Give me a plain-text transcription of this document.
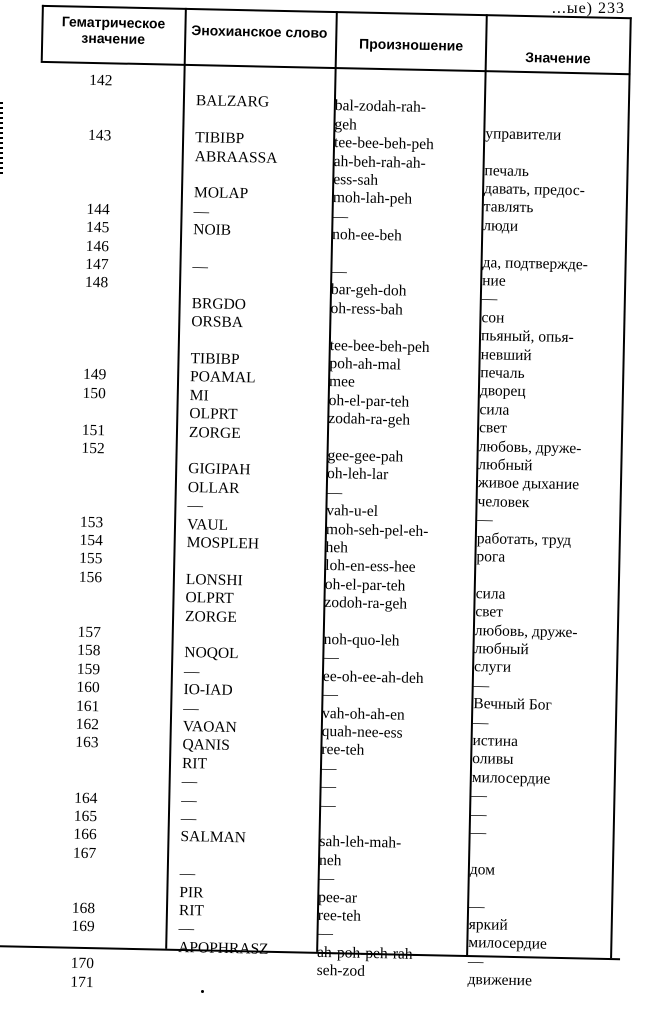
...ые) 233
Гематрическое значение	Энохианское слово
Произношение
Значение
142
143
144
145
146
147
148
149
150
151
152
153
154
155
156
157
158
159
160
161
162
163
164
165
166
167
168
169
170
171
BALZARG
TIBIBP
ABRAASSA
MOLAP
—
NOIB
—
BRGDO
ORSBA
TIBIBP
POAMAL
MI
OLPRT
ZORGE
GIGIPAH
OLLAR
—
VAUL
MOSPLEH
LONSHI
OLPRT
ZORGE
NOQOL
—
IO-IAD
—
VAOAN
QANIS
RIT
—
—
—
SALMAN
—
PIR
RIT
—
APOPHRASZ
bal-zodah-rah-
geh
tee-bee-beh-peh
ah-beh-rah-ah-
ess-sah
moh-lah-peh
—
noh-ee-beh
—
bar-geh-doh
oh-ress-bah
tee-bee-beh-peh
poh-ah-mal
mee
oh-el-par-teh
zodah-ra-geh
gee-gee-pah
oh-leh-lar
—
vah-u-el
moh-seh-pel-eh-
heh
loh-en-ess-hee
oh-el-par-teh
zodoh-ra-geh
noh-quo-leh
—
ee-oh-ee-ah-deh
—
vah-oh-ah-en
quah-nee-ess
ree-teh
—
—
—
sah-leh-mah-
neh
—
pee-ar
ree-teh
—
ah-poh-peh-rah-
seh-zod
управители
печаль
давать, предос-
тавлять
люди
да, подтвержде-
ние
—
сон
пьяный, опья-
невший
печаль
дворец
сила
свет
любовь, друже-
любный
живое дыхание
человек
—
работать, труд
рога
сила
свет
любовь, друже-
любный
слуги
—
Вечный Бог
—
истина
оливы
милосердие
—
—
—
дом
—
яркий
милосердие
—
движение
